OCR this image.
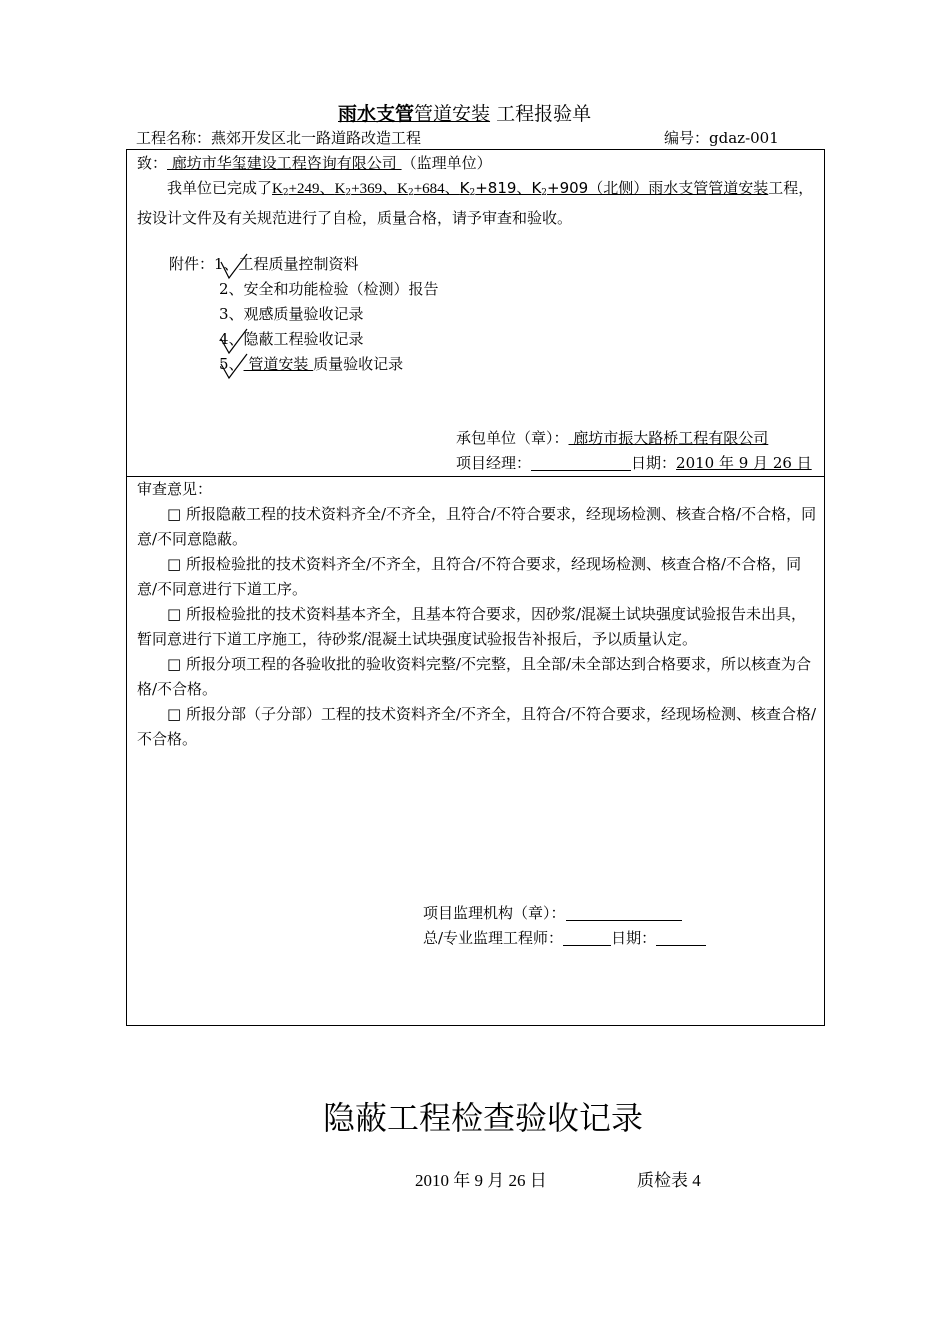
雨水支管管道安装 工程报验单
工程名称：燕郊开发区北一路道路改造工程	编号：gdaz-001
致： 廊坊市华玺建设工程咨询有限公司 （监理单位）
我单位已完成了$K_2+249$、$K_2+369$、$K_2+684$、$K_2+819$、$K_2+909$（北侧）雨水支管管道安装工程，按设计文件及有关规范进行了自检，质量合格，请予审查和验收。
附件：1、工程质量控制资料
2、安全和功能检验（检测）报告
3、观感质量验收记录
4、隐蔽工程验收记录
5、 管道安装 质量验收记录
承包单位（章）： 廊坊市振大路桥工程有限公司
项目经理：	日期：2010 年 9 月 26 日
审查意见：
□ 所报隐蔽工程的技术资料齐全/不齐全，且符合/不符合要求，经现场检测、核查合格/不合格，同意/不同意隐蔽。
□ 所报检验批的技术资料齐全/不齐全，且符合/不符合要求，经现场检测、核查合格/不合格，同意/不同意进行下道工序。
□ 所报检验批的技术资料基本齐全，且基本符合要求，因砂浆/混凝土试块强度试验报告未出具，暂同意进行下道工序施工，待砂浆/混凝土试块强度试验报告补报后，予以质量认定。
□ 所报分项工程的各验收批的验收资料完整/不完整，且全部/未全部达到合格要求，所以核查为合格/不合格。
□ 所报分部（子分部）工程的技术资料齐全/不齐全，且符合/不符合要求，经现场检测、核查合格/不合格。
项目监理机构（章）：
总/专业监理工程师：	日期：
隐蔽工程检查验收记录
2010 年 9 月 26 日	质检表 4
